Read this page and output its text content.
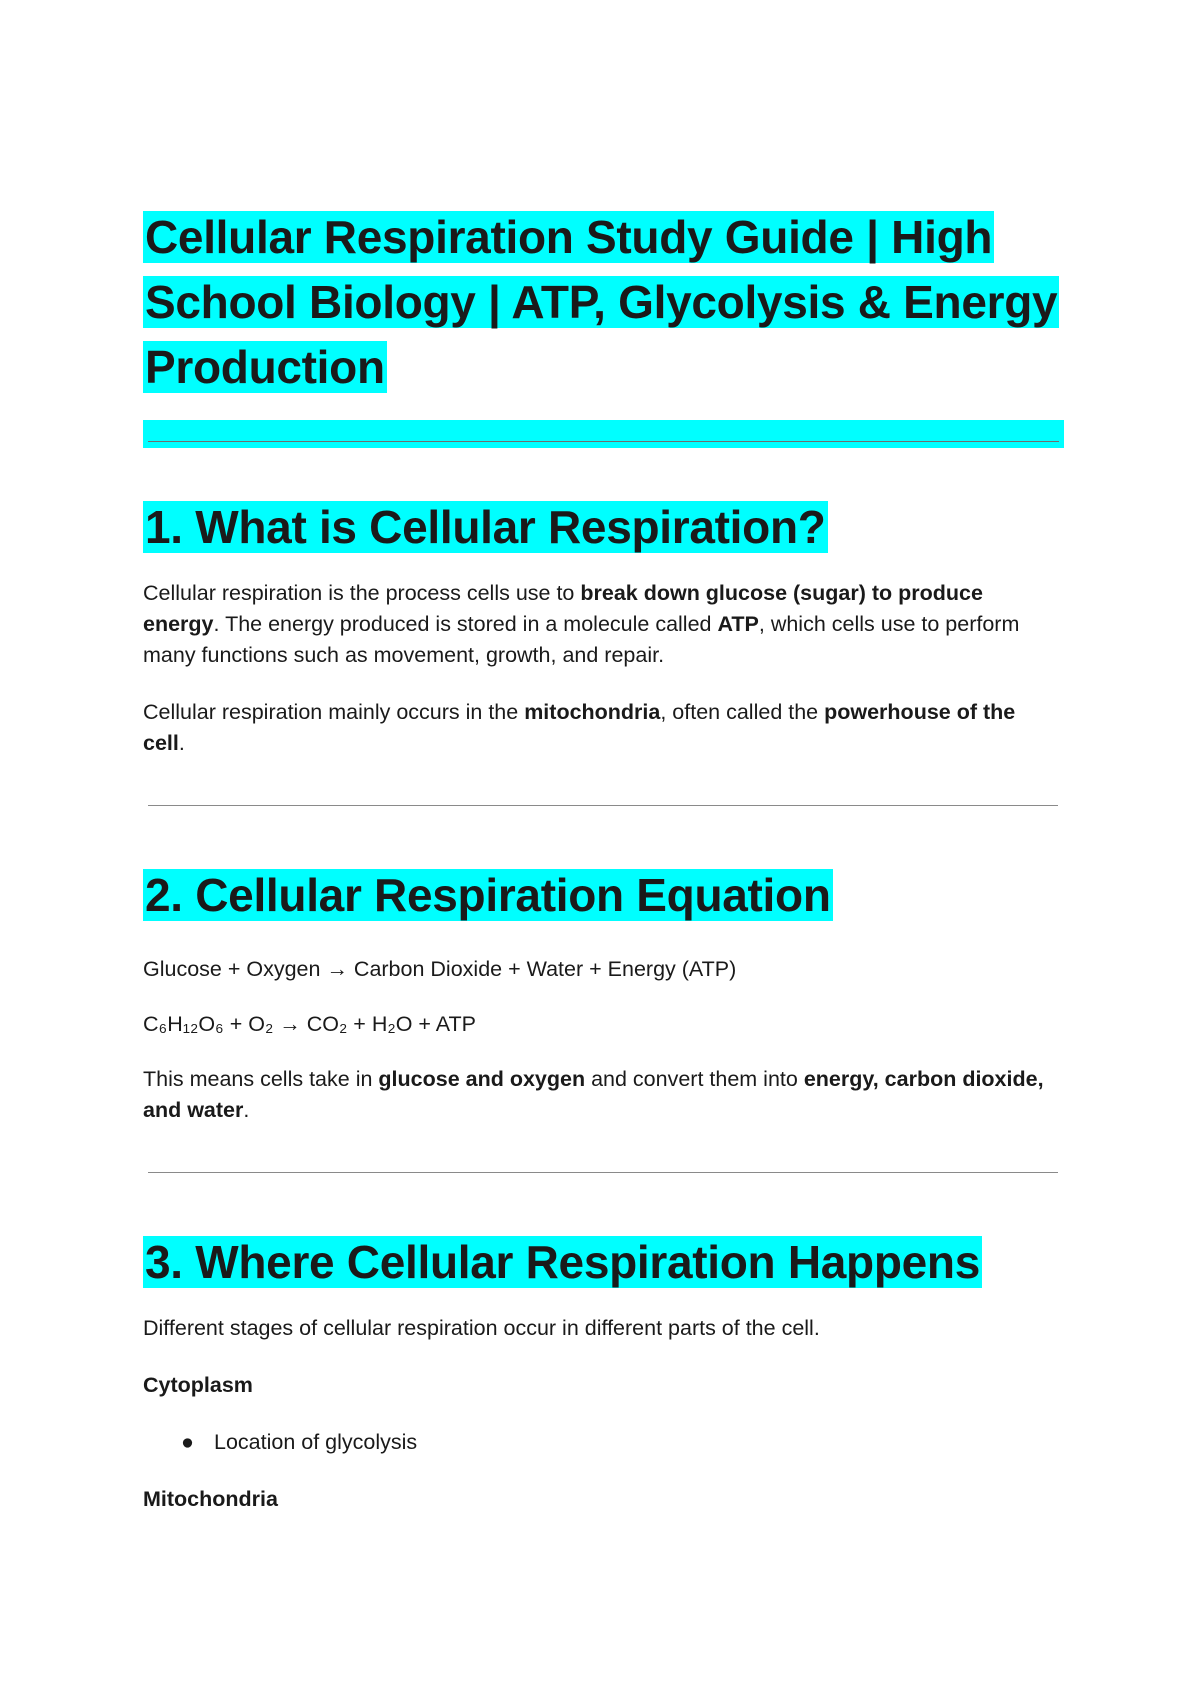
Cellular Respiration Study Guide | High
School Biology | ATP, Glycolysis & Energy
Production
1. What is Cellular Respiration?

Cellular respiration is the process cells use to break down glucose (sugar) to produce
energy. The energy produced is stored in a molecule called ATP, which cells use to perform
many functions such as movement, growth, and repair.

Cellular respiration mainly occurs in the mitochondria, often called the powerhouse of the
cell.

2. Cellular Respiration Equation

Glucose + Oxygen → Carbon Dioxide + Water + Energy (ATP)

C₆H₁₂O₆ + O₂ → CO₂ + H₂O + ATP

This means cells take in glucose and oxygen and convert them into energy, carbon dioxide,
and water.

3. Where Cellular Respiration Happens

Different stages of cellular respiration occur in different parts of the cell.

Cytoplasm

● Location of glycolysis

Mitochondria
